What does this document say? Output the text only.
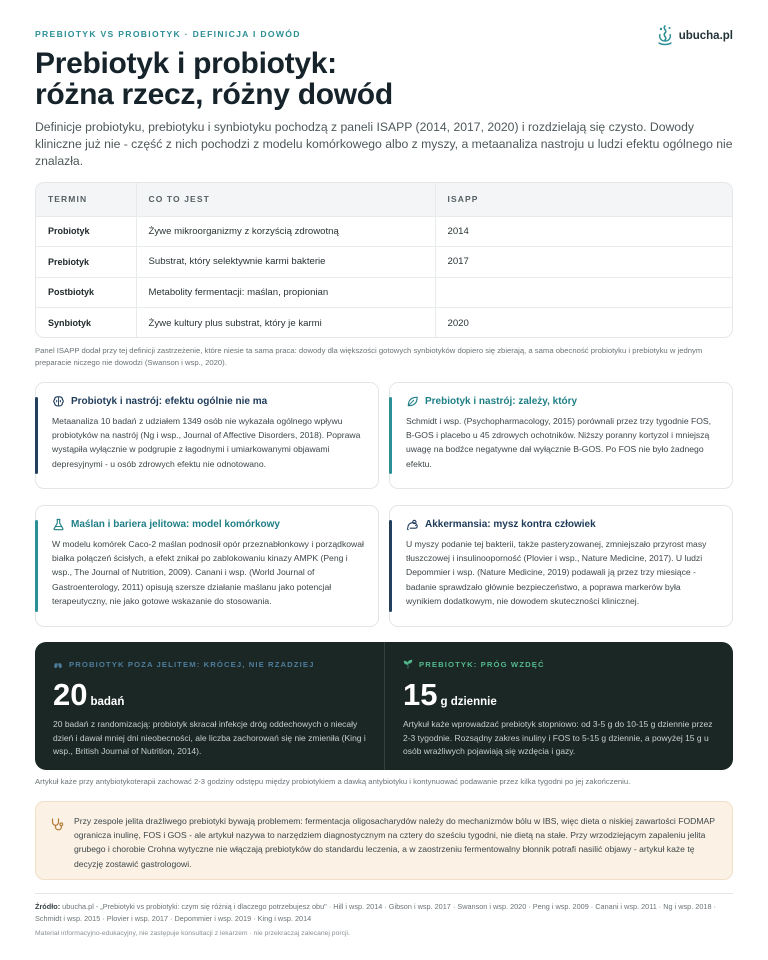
PREBIOTYK VS PROBIOTYK · DEFINICJA I DOWÓD	ubucha.pl
Prebiotyk i probiotyk:
różna rzecz, różny dowód

Definicje probiotyku, prebiotyku i synbiotyku pochodzą z paneli ISAPP (2014, 2017, 2020) i rozdzielają się czysto. Dowody kliniczne już nie - część z nich pochodzi z modelu komórkowego albo z myszy, a metaanaliza nastroju u ludzi efektu ogólnego nie znalazła.

TERMIN	CO TO JEST	ISAPP
Probiotyk	Żywe mikroorganizmy z korzyścią zdrowotną	2014
Prebiotyk	Substrat, który selektywnie karmi bakterie	2017
Postbiotyk	Metabolity fermentacji: maślan, propionian	
Synbiotyk	Żywe kultury plus substrat, który je karmi	2020

Panel ISAPP dodał przy tej definicji zastrzeżenie, które niesie ta sama praca: dowody dla większości gotowych synbiotyków dopiero się zbierają, a sama obecność probiotyku i prebiotyku w jednym preparacie niczego nie dowodzi (Swanson i wsp., 2020).

Probiotyk i nastrój: efektu ogólnie nie ma

Metaanaliza 10 badań z udziałem 1349 osób nie wykazała ogólnego wpływu probiotyków na nastrój (Ng i wsp., Journal of Affective Disorders, 2018). Poprawa wystąpiła wyłącznie w podgrupie z łagodnymi i umiarkowanymi objawami depresyjnymi - u osób zdrowych efektu nie odnotowano.

Prebiotyk i nastrój: zależy, który

Schmidt i wsp. (Psychopharmacology, 2015) porównali przez trzy tygodnie FOS, B-GOS i placebo u 45 zdrowych ochotników. Niższy poranny kortyzol i mniejszą uwagę na bodźce negatywne dał wyłącznie B-GOS. Po FOS nie było żadnego efektu.

Maślan i bariera jelitowa: model komórkowy

W modelu komórek Caco-2 maślan podnosił opór przeznabłonkowy i porządkował białka połączeń ścisłych, a efekt znikał po zablokowaniu kinazy AMPK (Peng i wsp., The Journal of Nutrition, 2009). Canani i wsp. (World Journal of Gastroenterology, 2011) opisują szersze działanie maślanu jako potencjał terapeutyczny, nie jako gotowe wskazanie do stosowania.

Akkermansia: mysz kontra człowiek

U myszy podanie tej bakterii, także pasteryzowanej, zmniejszało przyrost masy tłuszczowej i insulinooporność (Plovier i wsp., Nature Medicine, 2017). U ludzi Depommier i wsp. (Nature Medicine, 2019) podawali ją przez trzy miesiące - badanie sprawdzało głównie bezpieczeństwo, a poprawa markerów była wynikiem dodatkowym, nie dowodem skuteczności klinicznej.

PROBIOTYK POZA JELITEM: KRÓCEJ, NIE RZADZIEJ
20 badań

20 badań z randomizacją: probiotyk skracał infekcje dróg oddechowych o niecały dzień i dawał mniej dni nieobecności, ale liczba zachorowań się nie zmieniła (King i wsp., British Journal of Nutrition, 2014).

PREBIOTYK: PRÓG WZDĘĆ
15 g dziennie

Artykuł każe wprowadzać prebiotyk stopniowo: od 3-5 g do 10-15 g dziennie przez 2-3 tygodnie. Rozsądny zakres inuliny i FOS to 5-15 g dziennie, a powyżej 15 g u osób wrażliwych pojawiają się wzdęcia i gazy.

Artykuł każe przy antybiotykoterapii zachować 2-3 godziny odstępu między probiotykiem a dawką antybiotyku i kontynuować podawanie przez kilka tygodni po jej zakończeniu.

Przy zespole jelita drażliwego prebiotyki bywają problemem: fermentacja oligosacharydów należy do mechanizmów bólu w IBS, więc dieta o niskiej zawartości FODMAP ogranicza inulinę, FOS i GOS - ale artykuł nazywa to narzędziem diagnostycznym na cztery do sześciu tygodni, nie dietą na stałe. Przy wrzodziejącym zapaleniu jelita grubego i chorobie Crohna wytyczne nie włączają prebiotyków do standardu leczenia, a w zaostrzeniu fermentowalny błonnik potrafi nasilić objawy - artykuł każe tę decyzję zostawić gastrologowi.

Źródło: ubucha.pl - „Prebiotyki vs probiotyki: czym się różnią i dlaczego potrzebujesz obu" · Hill i wsp. 2014 · Gibson i wsp. 2017 · Swanson i wsp. 2020 · Peng i wsp. 2009 · Canani i wsp. 2011 · Ng i wsp. 2018 · Schmidt i wsp. 2015 · Plovier i wsp. 2017 · Depommier i wsp. 2019 · King i wsp. 2014

Materiał informacyjno-edukacyjny, nie zastępuje konsultacji z lekarzem · nie przekraczaj zalecanej porcji.
